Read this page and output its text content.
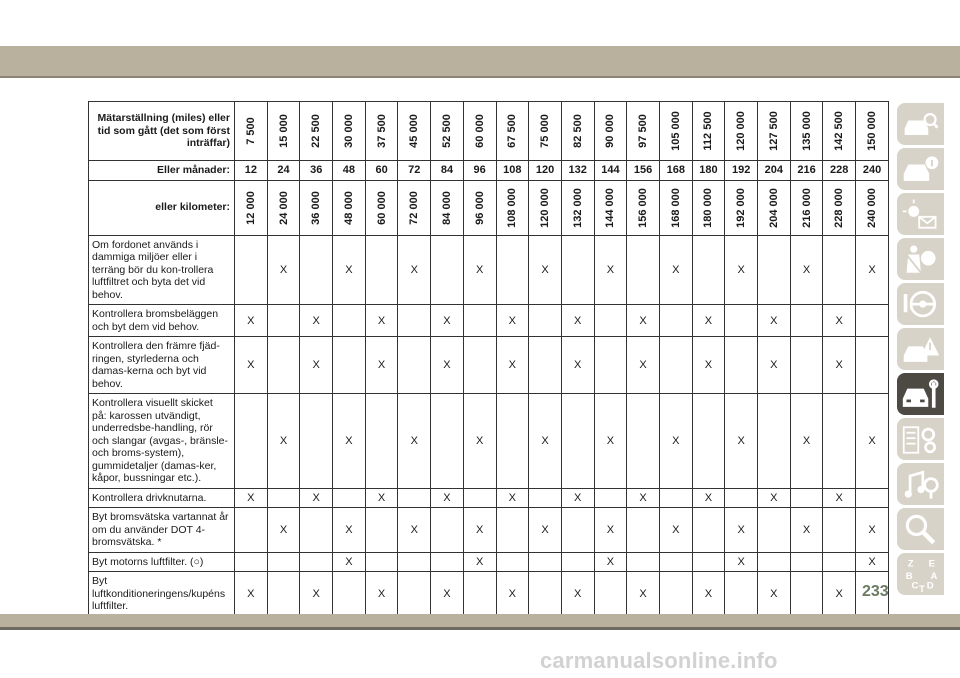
Mätarställning (miles) eller tid som gått (det som först inträffar)	7 500	15 000	22 500	30 000	37 500	45 000	52 500	60 000	67 500	75 000	82 500	90 000	97 500	105 000	112 500	120 000	127 500	135 000	142 500	150 000

Eller månader:	12	24	36	48	60	72	84	96	108	120	132	144	156	168	180	192	204	216	228	240
eller kilometer:	12 000	24 000	36 000	48 000	60 000	72 000	84 000	96 000	108 000	120 000	132 000	144 000	156 000	168 000	180 000	192 000	204 000	216 000	228 000	240 000

Om fordonet används i dammiga miljöer eller i terräng bör du kon-trollera luftfiltret och byta det vid behov.		X		X		X		X		X		X		X		X		X		X
Kontrollera bromsbeläggen och byt dem vid behov.	X		X		X		X		X		X		X		X		X		X	
Kontrollera den främre fjäd-ringen, styrlederna och damas-kerna och byt vid behov.	X		X		X		X		X		X		X		X		X		X	
Kontrollera visuellt skicket på: karossen utvändigt, underredsbe-handling, rör och slangar (avgas-, bränsle- och broms-system), gummidetaljer (damas-ker, kåpor, bussningar etc.).		X		X		X		X		X		X		X		X		X		X
Kontrollera drivknutarna.	X		X		X		X		X		X		X		X		X		X	
Byt bromsvätska vartannat år om du använder DOT 4-bromsvätska. *		X		X		X		X		X		X		X		X		X		X
Byt motorns luftfilter. (○)				X				X				X				X				X
Byt luftkonditioneringens/kupéns luftfilter.	X		X		X		X		X		X		X		X		X		X	
Z E
B A
C D
T
233
carmanualsonline.info
